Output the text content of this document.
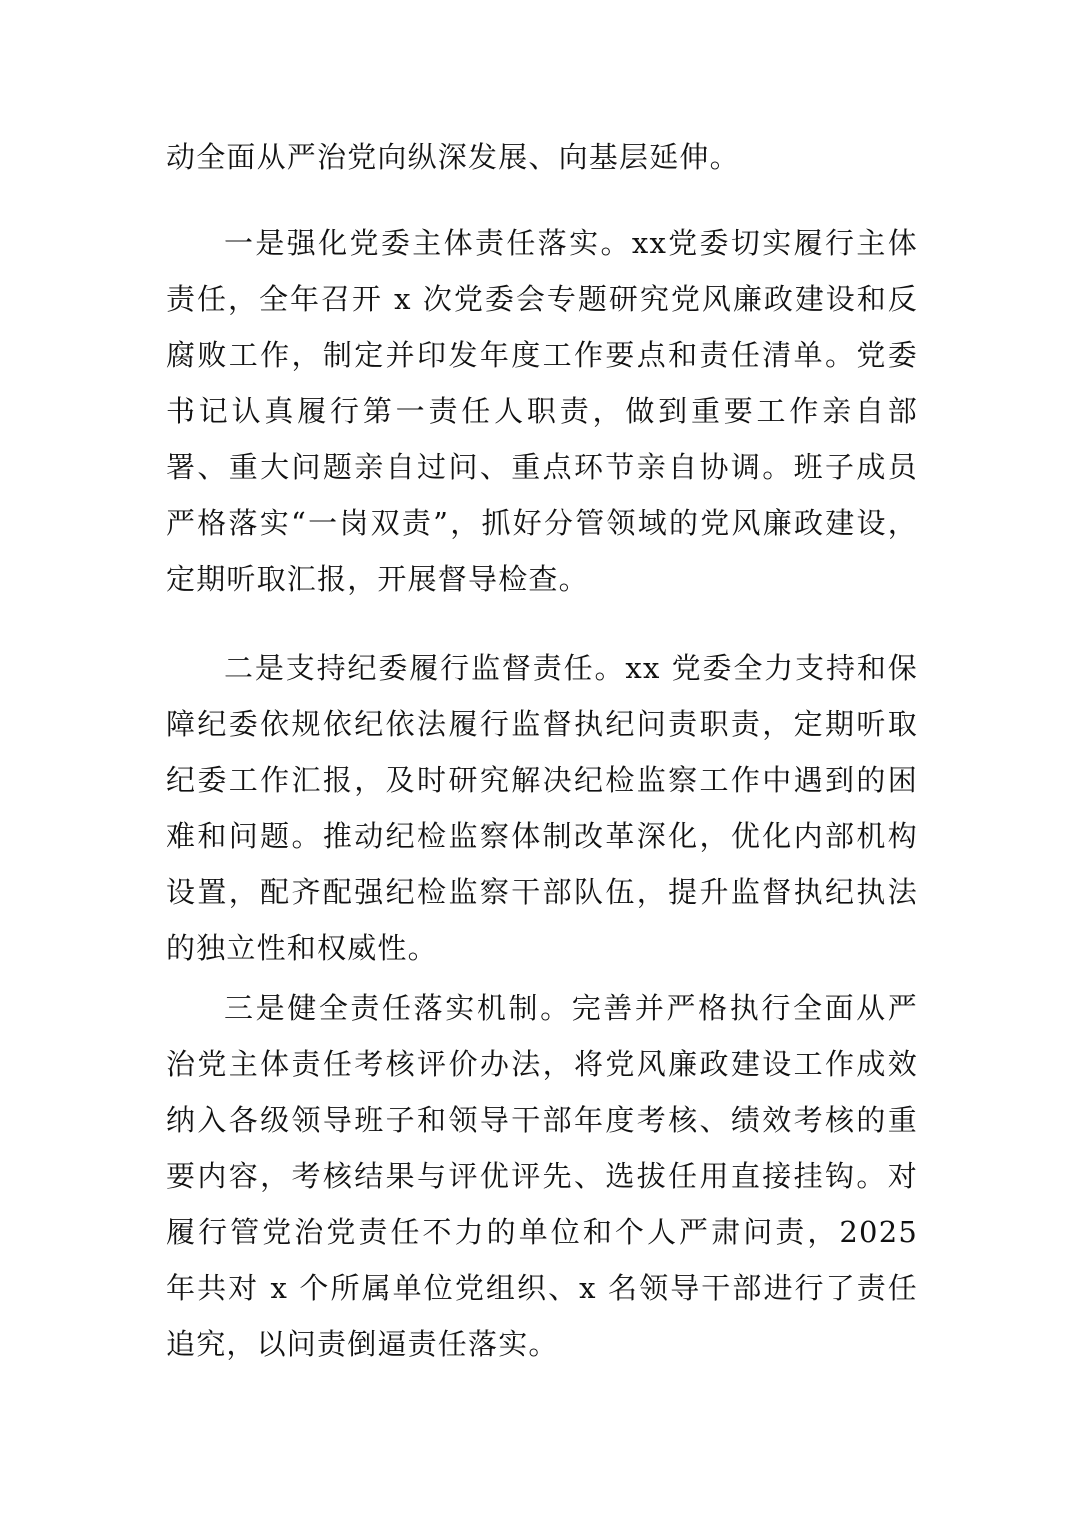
动全面从严治党向纵深发展、向基层延伸。

一是强化党委主体责任落实。xx党委切实履行主体责任，全年召开 x 次党委会专题研究党风廉政建设和反腐败工作，制定并印发年度工作要点和责任清单。党委书记认真履行第一责任人职责，做到重要工作亲自部署、重大问题亲自过问、重点环节亲自协调。班子成员严格落实“一岗双责”，抓好分管领域的党风廉政建设，定期听取汇报，开展督导检查。

二是支持纪委履行监督责任。xx 党委全力支持和保障纪委依规依纪依法履行监督执纪问责职责，定期听取纪委工作汇报，及时研究解决纪检监察工作中遇到的困难和问题。推动纪检监察体制改革深化，优化内部机构设置，配齐配强纪检监察干部队伍，提升监督执纪执法的独立性和权威性。

三是健全责任落实机制。完善并严格执行全面从严治党主体责任考核评价办法，将党风廉政建设工作成效纳入各级领导班子和领导干部年度考核、绩效考核的重要内容，考核结果与评优评先、选拔任用直接挂钩。对履行管党治党责任不力的单位和个人严肃问责，2025 年共对 x 个所属单位党组织、x 名领导干部进行了责任追究，以问责倒逼责任落实。
